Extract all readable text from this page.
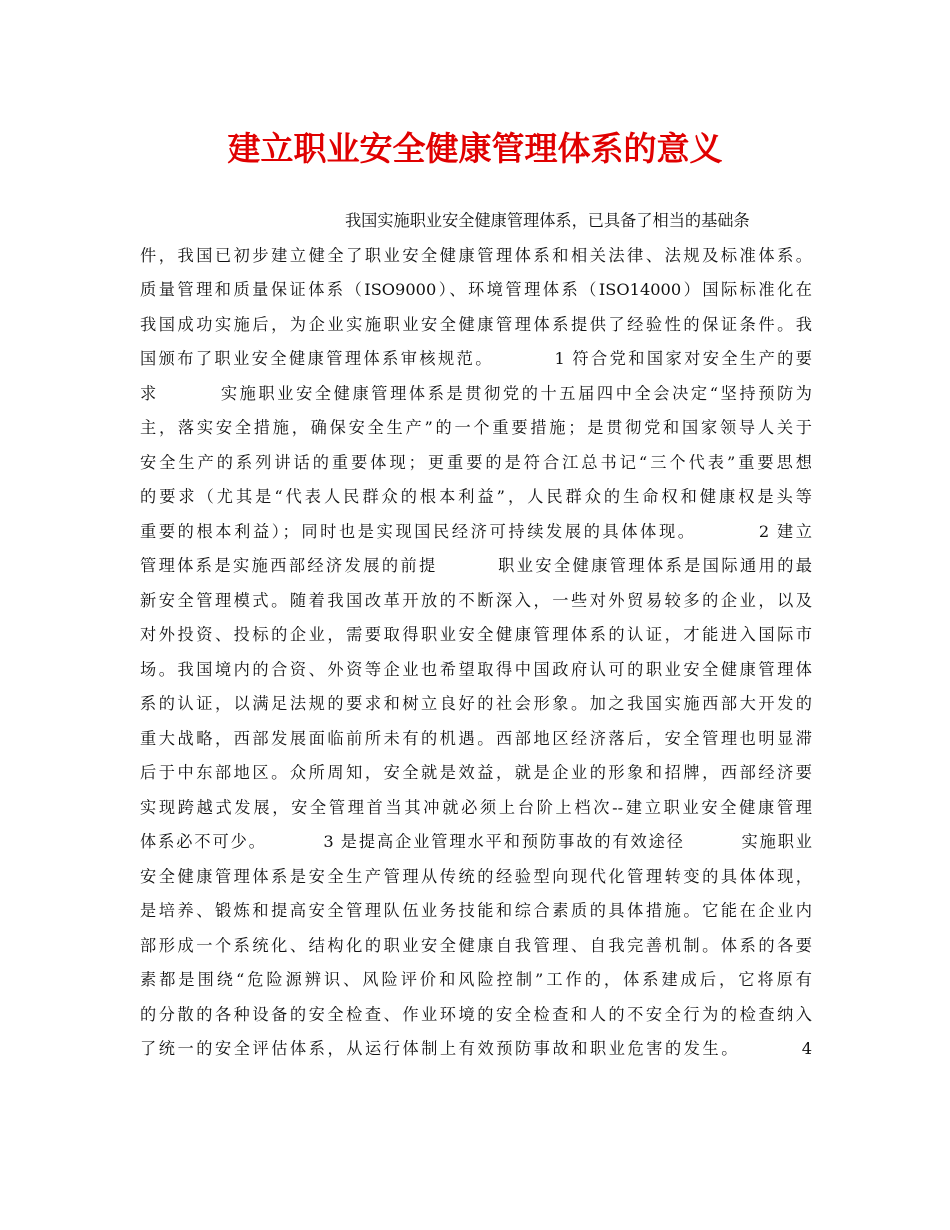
建立职业安全健康管理体系的意义
我国实施职业安全健康管理体系，已具备了相当的基础条
件，我国已初步建立健全了职业安全健康管理体系和相关法律、法规及标准体系。
质量管理和质量保证体系（ISO9000）、环境管理体系（ISO14000）国际标准化在
我国成功实施后，为企业实施职业安全健康管理体系提供了经验性的保证条件。我
国颁布了职业安全健康管理体系审核规范。        1 符合党和国家对安全生产的要
求        实施职业安全健康管理体系是贯彻党的十五届四中全会决定“坚持预防为
主，落实安全措施，确保安全生产”的一个重要措施；是贯彻党和国家领导人关于
安全生产的系列讲话的重要体现；更重要的是符合江总书记“三个代表”重要思想
的要求（尤其是“代表人民群众的根本利益”，人民群众的生命权和健康权是头等
重要的根本利益）；同时也是实现国民经济可持续发展的具体体现。        2 建立
管理体系是实施西部经济发展的前提        职业安全健康管理体系是国际通用的最
新安全管理模式。随着我国改革开放的不断深入，一些对外贸易较多的企业，以及
对外投资、投标的企业，需要取得职业安全健康管理体系的认证，才能进入国际市
场。我国境内的合资、外资等企业也希望取得中国政府认可的职业安全健康管理体
系的认证，以满足法规的要求和树立良好的社会形象。加之我国实施西部大开发的
重大战略，西部发展面临前所未有的机遇。西部地区经济落后，安全管理也明显滞
后于中东部地区。众所周知，安全就是效益，就是企业的形象和招牌，西部经济要
实现跨越式发展，安全管理首当其冲就必须上台阶上档次--建立职业安全健康管理
体系必不可少。        3 是提高企业管理水平和预防事故的有效途径        实施职业
安全健康管理体系是安全生产管理从传统的经验型向现代化管理转变的具体体现，
是培养、锻炼和提高安全管理队伍业务技能和综合素质的具体措施。它能在企业内
部形成一个系统化、结构化的职业安全健康自我管理、自我完善机制。体系的各要
素都是围绕“危险源辨识、风险评价和风险控制”工作的，体系建成后，它将原有
的分散的各种设备的安全检查、作业环境的安全检查和人的不安全行为的检查纳入
了统一的安全评估体系，从运行体制上有效预防事故和职业危害的发生。        4
